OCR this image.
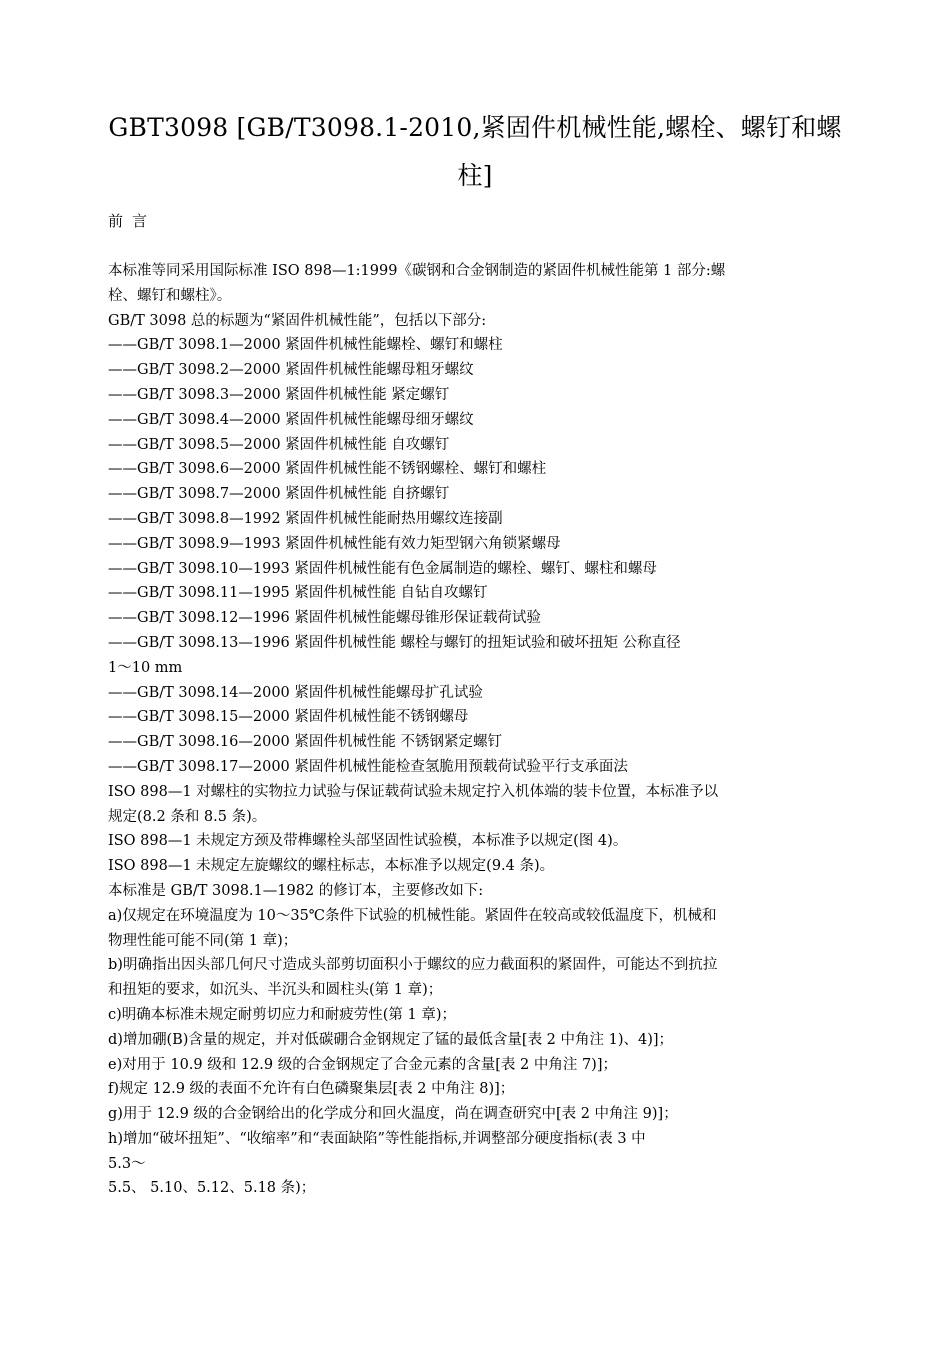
GBT3098 [GB/T3098.1-2010,紧固件机械性能,螺栓、螺钉和螺
柱]
前 言
本标准等同采用国际标准 ISO 898—1:1999《碳钢和合金钢制造的紧固件机械性能第 1 部分:螺
栓、螺钉和螺柱》。
GB/T 3098 总的标题为“紧固件机械性能”，包括以下部分:
——GB/T 3098.1—2000 紧固件机械性能螺栓、螺钉和螺柱
——GB/T 3098.2—2000 紧固件机械性能螺母粗牙螺纹
——GB/T 3098.3—2000 紧固件机械性能 紧定螺钉
——GB/T 3098.4—2000 紧固件机械性能螺母细牙螺纹
——GB/T 3098.5—2000 紧固件机械性能 自攻螺钉
——GB/T 3098.6—2000 紧固件机械性能不锈钢螺栓、螺钉和螺柱
——GB/T 3098.7—2000 紧固件机械性能 自挤螺钉
——GB/T 3098.8—1992 紧固件机械性能耐热用螺纹连接副
——GB/T 3098.9—1993 紧固件机械性能有效力矩型钢六角锁紧螺母
——GB/T 3098.10—1993 紧固件机械性能有色金属制造的螺栓、螺钉、螺柱和螺母
——GB/T 3098.11—1995 紧固件机械性能 自钻自攻螺钉
——GB/T 3098.12—1996 紧固件机械性能螺母锥形保证载荷试验
——GB/T 3098.13—1996 紧固件机械性能 螺栓与螺钉的扭矩试验和破坏扭矩 公称直径
1～10 mm
——GB/T 3098.14—2000 紧固件机械性能螺母扩孔试验
——GB/T 3098.15—2000 紧固件机械性能不锈钢螺母
——GB/T 3098.16—2000 紧固件机械性能 不锈钢紧定螺钉
——GB/T 3098.17—2000 紧固件机械性能检查氢脆用预载荷试验平行支承面法
ISO 898—1 对螺柱的实物拉力试验与保证载荷试验未规定拧入机体端的装卡位置，本标准予以
规定(8.2 条和 8.5 条)。
ISO 898—1 未规定方颈及带榫螺栓头部坚固性试验模，本标准予以规定(图 4)。
ISO 898—1 未规定左旋螺纹的螺柱标志，本标准予以规定(9.4 条)。
本标准是 GB/T 3098.1—1982 的修订本，主要修改如下:
a)仅规定在环境温度为 10～35℃条件下试验的机械性能。紧固件在较高或较低温度下，机械和
物理性能可能不同(第 1 章)；
b)明确指出因头部几何尺寸造成头部剪切面积小于螺纹的应力截面积的紧固件，可能达不到抗拉
和扭矩的要求，如沉头、半沉头和圆柱头(第 1 章)；
c)明确本标准未规定耐剪切应力和耐疲劳性(第 1 章)；
d)增加硼(B)含量的规定，并对低碳硼合金钢规定了锰的最低含量[表 2 中角注 1)、4)]；
e)对用于 10.9 级和 12.9 级的合金钢规定了合金元素的含量[表 2 中角注 7)]；
f)规定 12.9 级的表面不允许有白色磷聚集层[表 2 中角注 8)]；
g)用于 12.9 级的合金钢给出的化学成分和回火温度，尚在调查研究中[表 2 中角注 9)]；
h)增加“破坏扭矩”、“收缩率”和“表面缺陷”等性能指标,并调整部分硬度指标(表 3 中
5.3～
5.5、 5.10、5.12、5.18 条)；
